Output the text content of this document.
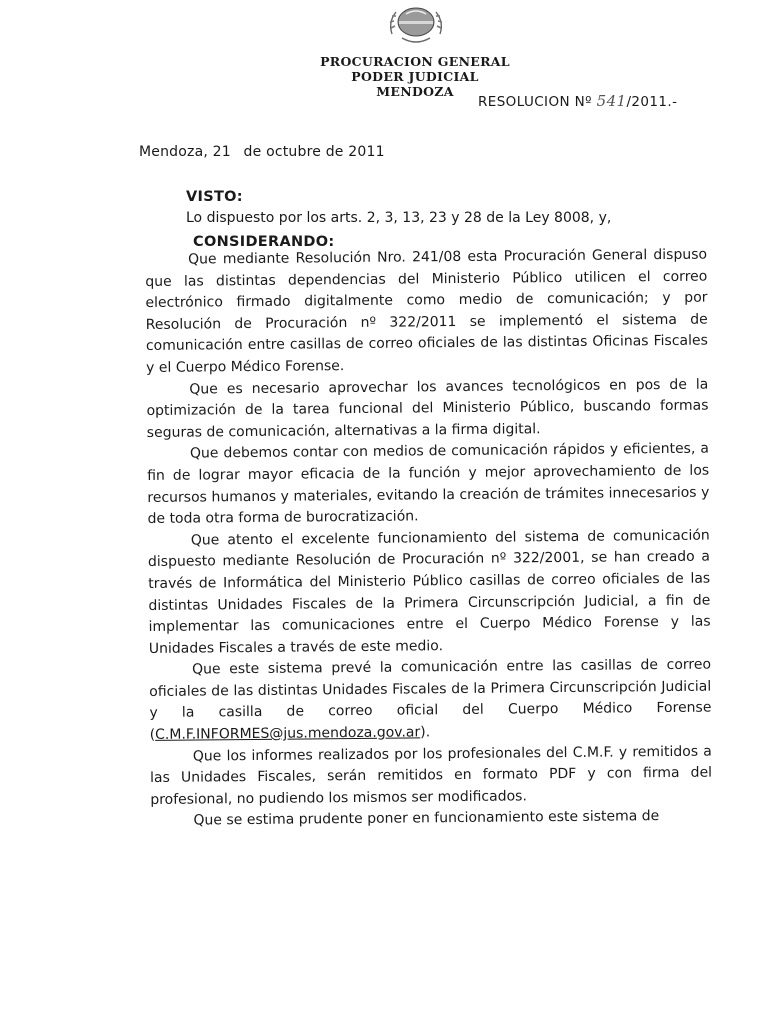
PROCURACION GENERAL
PODER JUDICIAL
MENDOZA
RESOLUCION Nº 541/2011.-
Mendoza, 21 de octubre de 2011
VISTO:
Lo dispuesto por los arts. 2, 3, 13, 23 y 28 de la Ley 8008, y,
CONSIDERANDO:

Que mediante Resolución Nro. 241/08 esta Procuración General dispuso que las distintas dependencias del Ministerio Público utilicen el correo electrónico firmado digitalmente como medio de comunicación; y por Resolución de Procuración nº 322/2011 se implementó el sistema de comunicación entre casillas de correo oficiales de las distintas Oficinas Fiscales y el Cuerpo Médico Forense.

Que es necesario aprovechar los avances tecnológicos en pos de la optimización de la tarea funcional del Ministerio Público, buscando formas seguras de comunicación, alternativas a la firma digital.

Que debemos contar con medios de comunicación rápidos y eficientes, a fin de lograr mayor eficacia de la función y mejor aprovechamiento de los recursos humanos y materiales, evitando la creación de trámites innecesarios y de toda otra forma de burocratización.

Que atento el excelente funcionamiento del sistema de comunicación dispuesto mediante Resolución de Procuración nº 322/2001, se han creado a través de Informática del Ministerio Público casillas de correo oficiales de las distintas Unidades Fiscales de la Primera Circunscripción Judicial, a fin de implementar las comunicaciones entre el Cuerpo Médico Forense y las Unidades Fiscales a través de este medio.

Que este sistema prevé la comunicación entre las casillas de correo oficiales de las distintas Unidades Fiscales de la Primera Circunscripción Judicial y la casilla de correo oficial del Cuerpo Médico Forense (C.M.F.INFORMES@jus.mendoza.gov.ar).

Que los informes realizados por los profesionales del C.M.F. y remitidos a las Unidades Fiscales, serán remitidos en formato PDF y con firma del profesional, no pudiendo los mismos ser modificados.

Que se estima prudente poner en funcionamiento este sistema de
